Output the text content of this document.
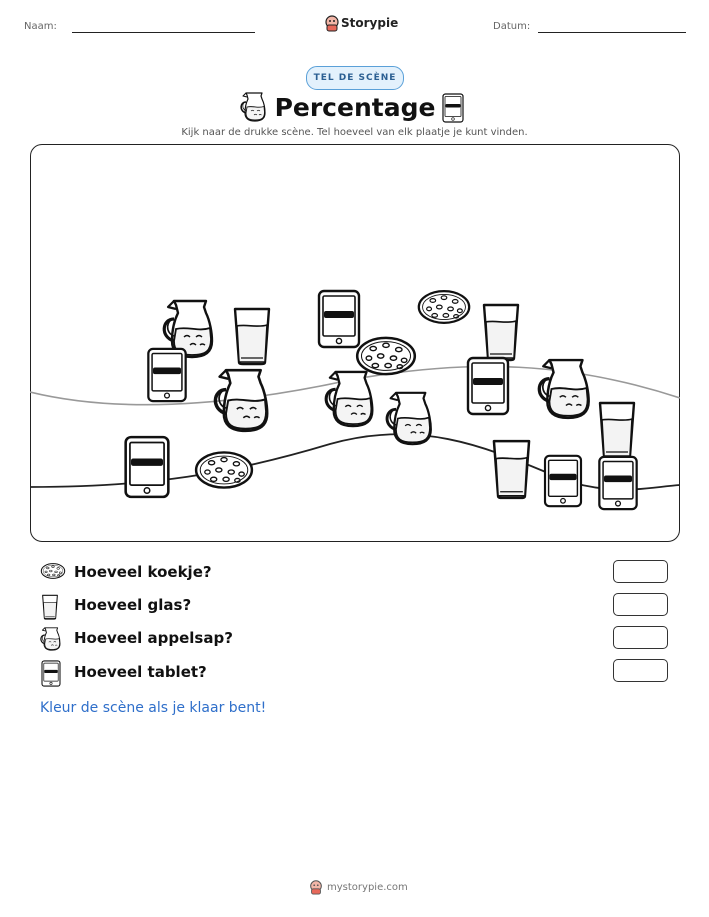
Naam:	Storypie	Datum:
TEL DE SCÈNE
Percentage
Kijk naar de drukke scène. Tel hoeveel van elk plaatje je kunt vinden.
Hoeveel koekje?
Hoeveel glas?
Hoeveel appelsap?
Hoeveel tablet?
Kleur de scène als je klaar bent!
mystorypie.com
